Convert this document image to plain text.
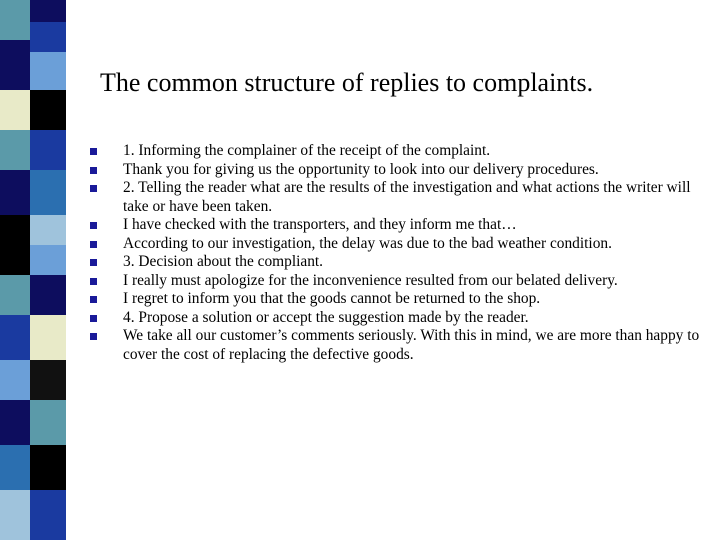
The common structure of replies to complaints.
1. Informing the complainer of the receipt of the complaint.
Thank you for giving us the opportunity to look into our delivery procedures.
2. Telling the reader what are the results of the investigation and what actions the writer will take or have been taken.
I have checked with the transporters, and they inform me that…
According to our investigation, the delay was due to the bad weather condition.
3. Decision about the compliant.
I really must apologize for the inconvenience resulted from our belated delivery.
I regret to inform you that the goods cannot be returned to the shop.
4. Propose a solution or accept the suggestion made by the reader.
We take all our customer’s comments seriously. With this in mind, we are more than happy to cover the cost of replacing the defective goods.
